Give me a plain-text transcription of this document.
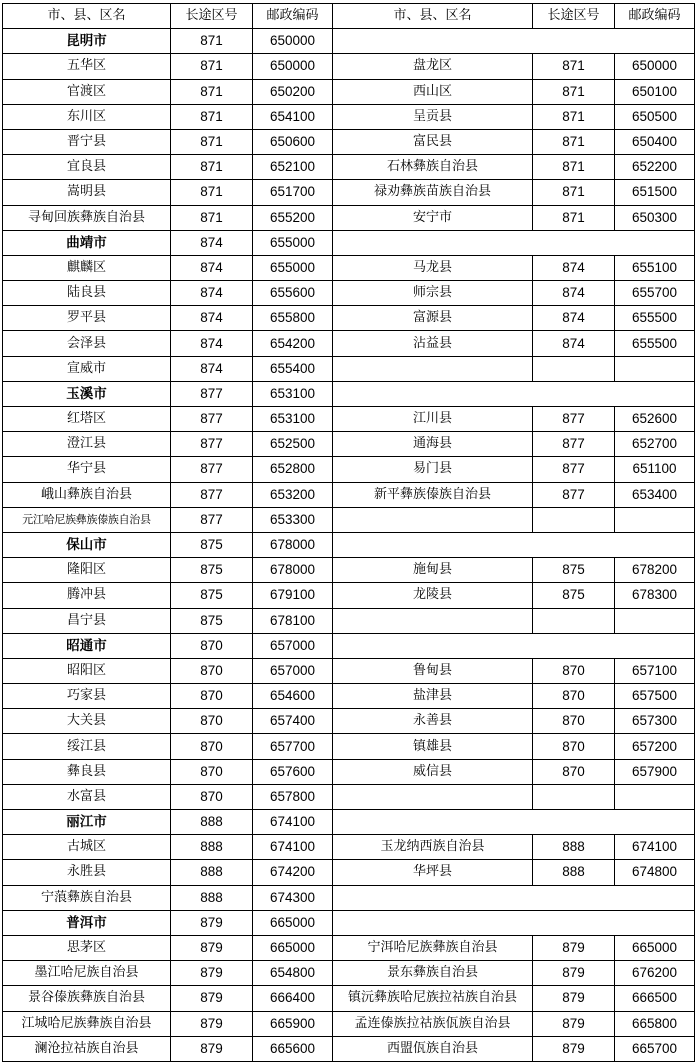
市、县、区名	长途区号	邮政编码	市、县、区名	长途区号	邮政编码
昆明市	871	650000			
五华区	871	650000	盘龙区	871	650000
官渡区	871	650200	西山区	871	650100
东川区	871	654100	呈贡县	871	650500
晋宁县	871	650600	富民县	871	650400
宜良县	871	652100	石林彝族自治县	871	652200
嵩明县	871	651700	禄劝彝族苗族自治县	871	651500
寻甸回族彝族自治县	871	655200	安宁市	871	650300
曲靖市	874	655000			
麒麟区	874	655000	马龙县	874	655100
陆良县	874	655600	师宗县	874	655700
罗平县	874	655800	富源县	874	655500
会泽县	874	654200	沾益县	874	655500
宣威市	874	655400			
玉溪市	877	653100			
红塔区	877	653100	江川县	877	652600
澄江县	877	652500	通海县	877	652700
华宁县	877	652800	易门县	877	651100
峨山彝族自治县	877	653200	新平彝族傣族自治县	877	653400
元江哈尼族彝族傣族自治县	877	653300			
保山市	875	678000			
隆阳区	875	678000	施甸县	875	678200
腾冲县	875	679100	龙陵县	875	678300
昌宁县	875	678100			
昭通市	870	657000			
昭阳区	870	657000	鲁甸县	870	657100
巧家县	870	654600	盐津县	870	657500
大关县	870	657400	永善县	870	657300
绥江县	870	657700	镇雄县	870	657200
彝良县	870	657600	威信县	870	657900
水富县	870	657800			
丽江市	888	674100			
古城区	888	674100	玉龙纳西族自治县	888	674100
永胜县	888	674200	华坪县	888	674800
宁蒗彝族自治县	888	674300			
普洱市	879	665000			
思茅区	879	665000	宁洱哈尼族彝族自治县	879	665000
墨江哈尼族自治县	879	654800	景东彝族自治县	879	676200
景谷傣族彝族自治县	879	666400	镇沅彝族哈尼族拉祜族自治县	879	666500
江城哈尼族彝族自治县	879	665900	孟连傣族拉祜族佤族自治县	879	665800
澜沧拉祜族自治县	879	665600	西盟佤族自治县	879	665700
